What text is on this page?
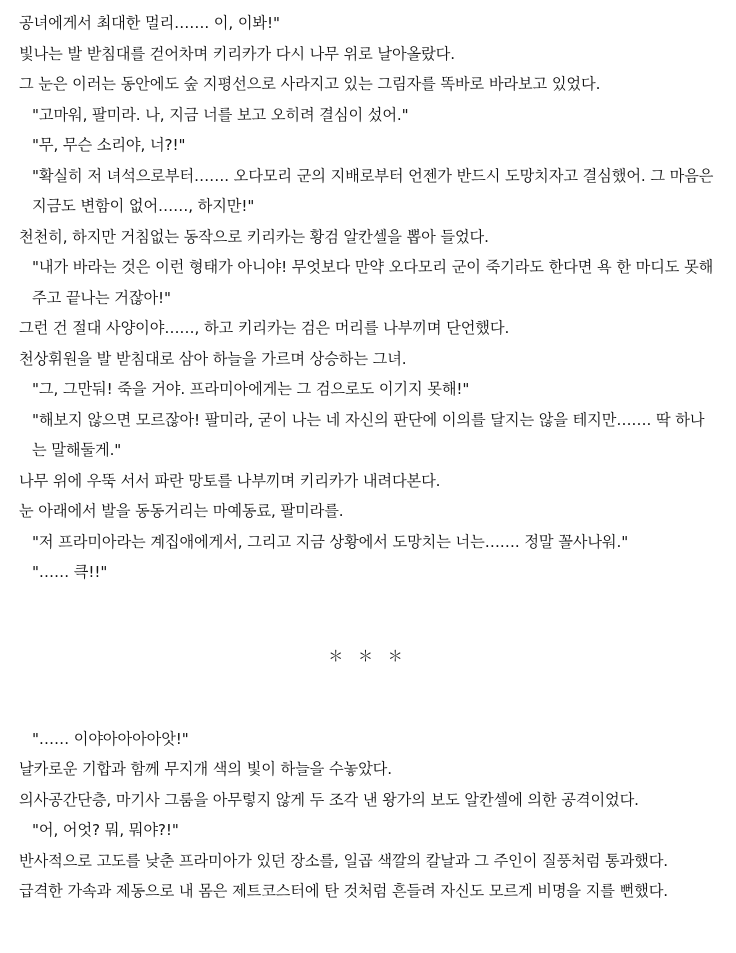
공녀에게서 최대한 멀리……. 이, 이봐!"

빛나는 발 받침대를 걷어차며 키리카가 다시 나무 위로 날아올랐다.

그 눈은 이러는 동안에도 숲 지평선으로 사라지고 있는 그림자를 똑바로 바라보고 있었다.

"고마워, 팔미라. 나, 지금 너를 보고 오히려 결심이 섰어."

"무, 무슨 소리야, 너?!"

"확실히 저 녀석으로부터……. 오다모리 군의 지배로부터 언젠가 반드시 도망치자고 결심했어. 그 마음은 지금도 변함이 없어……, 하지만!"

천천히, 하지만 거침없는 동작으로 키리카는 황검 알칸셀을 뽑아 들었다.

"내가 바라는 것은 이런 형태가 아니야! 무엇보다 만약 오다모리 군이 죽기라도 한다면 욕 한 마디도 못해 주고 끝나는 거잖아!"

그런 건 절대 사양이야……, 하고 키리카는 검은 머리를 나부끼며 단언했다.

천상휘원을 발 받침대로 삼아 하늘을 가르며 상승하는 그녀.

"그, 그만둬! 죽을 거야. 프라미아에게는 그 검으로도 이기지 못해!"

"해보지 않으면 모르잖아! 팔미라, 굳이 나는 네 자신의 판단에 이의를 달지는 않을 테지만……. 딱 하나는 말해둘게."

나무 위에 우뚝 서서 파란 망토를 나부끼며 키리카가 내려다본다.

눈 아래에서 발을 동동거리는 마예동료, 팔미라를.

"저 프라미아라는 계집애에게서, 그리고 지금 상황에서 도망치는 너는……. 정말 꼴사나워."

"…… 큭!!"

＊ ＊ ＊

"…… 이야아아아아앗!"

날카로운 기합과 함께 무지개 색의 빛이 하늘을 수놓았다.

의사공간단층, 마기사 그룸을 아무렇지 않게 두 조각 낸 왕가의 보도 알칸셀에 의한 공격이었다.

"어, 어엇? 뭐, 뭐야?!"

반사적으로 고도를 낮춘 프라미아가 있던 장소를, 일곱 색깔의 칼날과 그 주인이 질풍처럼 통과했다.

급격한 가속과 제동으로 내 몸은 제트코스터에 탄 것처럼 흔들려 자신도 모르게 비명을 지를 뻔했다.
